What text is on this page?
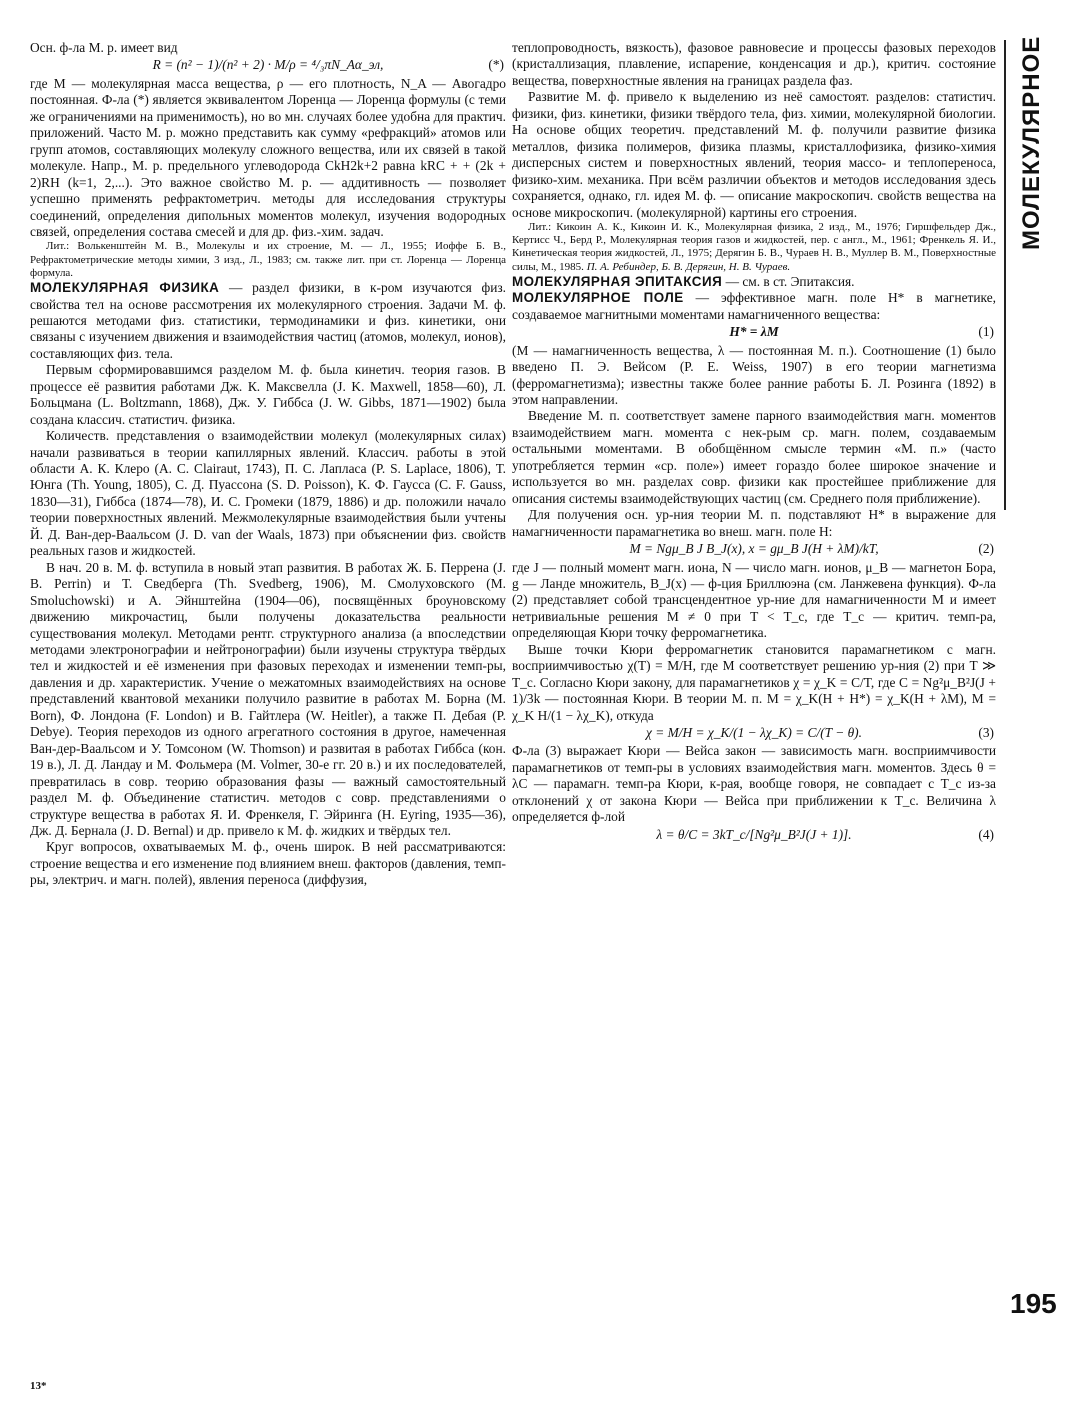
Осн. ф-ла М. р. имеет вид

R = (n² − 1)/(n² + 2) · M/ρ = ⁴/₃πN_Aα_эл,	(*)

где M — молекулярная масса вещества, ρ — его плотность, N_A — Авогадро постоянная. Ф-ла (*) является эквивалентом Лоренца — Лоренца формулы (с теми же ограничениями на применимость), но во мн. случаях более удобна для практич. приложений. Часто М. р. можно представить как сумму «рефракций» атомов или групп атомов, составляющих молекулу сложного вещества, или их связей в такой молекуле. Напр., М. р. предельного углеводорода CkH2k+2 равна kRC + + (2k + 2)RH (k=1, 2,...). Это важное свойство М. р. — аддитивность — позволяет успешно применять рефрактометрич. методы для исследования структуры соединений, определения дипольных моментов молекул, изучения водородных связей, определения состава смесей и для др. физ.-хим. задач.

Лит.: Волькенштейн М. В., Молекулы и их строение, М. — Л., 1955; Иоффе Б. В., Рефрактометрические методы химии, 3 изд., Л., 1983; см. также лит. при ст. Лоренца — Лоренца формула.

МОЛЕКУЛЯРНАЯ ФИЗИКА — раздел физики, в к-ром изучаются физ. свойства тел на основе рассмотрения их молекулярного строения. Задачи М. ф. решаются методами физ. статистики, термодинамики и физ. кинетики, они связаны с изучением движения и взаимодействия частиц (атомов, молекул, ионов), составляющих физ. тела.

Первым сформировавшимся разделом М. ф. была кинетич. теория газов. В процессе её развития работами Дж. К. Максвелла (J. K. Maxwell, 1858—60), Л. Больцмана (L. Boltzmann, 1868), Дж. У. Гиббса (J. W. Gibbs, 1871—1902) была создана классич. статистич. физика.

Количеств. представления о взаимодействии молекул (молекулярных силах) начали развиваться в теории капиллярных явлений. Классич. работы в этой области А. К. Клеро (A. C. Clairaut, 1743), П. С. Лапласа (P. S. Laplace, 1806), Т. Юнга (Th. Young, 1805), С. Д. Пуассона (S. D. Poisson), К. Ф. Гаусса (C. F. Gauss, 1830—31), Гиббса (1874—78), И. С. Громеки (1879, 1886) и др. положили начало теории поверхностных явлений. Межмолекулярные взаимодействия были учтены Й. Д. Ван-дер-Ваальсом (J. D. van der Waals, 1873) при объяснении физ. свойств реальных газов и жидкостей.

В нач. 20 в. М. ф. вступила в новый этап развития. В работах Ж. Б. Перрена (J. B. Perrin) и Т. Сведберга (Th. Svedberg, 1906), М. Смолуховского (M. Smoluchowski) и А. Эйнштейна (1904—06), посвящённых броуновскому движению микрочастиц, были получены доказательства реальности существования молекул. Методами рентг. структурного анализа (а впоследствии методами электронографии и нейтронографии) были изучены структура твёрдых тел и жидкостей и её изменения при фазовых переходах и изменении темп-ры, давления и др. характеристик. Учение о межатомных взаимодействиях на основе представлений квантовой механики получило развитие в работах М. Борна (M. Born), Ф. Лондона (F. London) и В. Гайтлера (W. Heitler), а также П. Дебая (P. Debye). Теория переходов из одного агрегатного состояния в другое, намеченная Ван-дер-Ваальсом и У. Томсоном (W. Thomson) и развитая в работах Гиббса (кон. 19 в.), Л. Д. Ландау и М. Фольмера (M. Volmer, 30-е гг. 20 в.) и их последователей, превратилась в совр. теорию образования фазы — важный самостоятельный раздел М. ф. Объединение статистич. методов с совр. представлениями о структуре вещества в работах Я. И. Френкеля, Г. Эйринга (H. Eyring, 1935—36), Дж. Д. Бернала (J. D. Bernal) и др. привело к М. ф. жидких и твёрдых тел.

Круг вопросов, охватываемых М. ф., очень широк. В ней рассматриваются: строение вещества и его изменение под влиянием внеш. факторов (давления, темп-ры, электрич. и магн. полей), явления переноса (диффузия,

теплопроводность, вязкость), фазовое равновесие и процессы фазовых переходов (кристаллизация, плавление, испарение, конденсация и др.), критич. состояние вещества, поверхностные явления на границах раздела фаз.

Развитие М. ф. привело к выделению из неё самостоят. разделов: статистич. физики, физ. кинетики, физики твёрдого тела, физ. химии, молекулярной биологии. На основе общих теоретич. представлений М. ф. получили развитие физика металлов, физика полимеров, физика плазмы, кристаллофизика, физико-химия дисперсных систем и поверхностных явлений, теория массо- и теплопереноса, физико-хим. механика. При всём различии объектов и методов исследования здесь сохраняется, однако, гл. идея М. ф. — описание макроскопич. свойств вещества на основе микроскопич. (молекулярной) картины его строения.

Лит.: Кикоин А. К., Кикоин И. К., Молекулярная физика, 2 изд., М., 1976; Гиршфельдер Дж., Кертисс Ч., Берд Р., Молекулярная теория газов и жидкостей, пер. с англ., М., 1961; Френкель Я. И., Кинетическая теория жидкостей, Л., 1975; Дерягин Б. В., Чураев Н. В., Муллер В. М., Поверхностные силы, М., 1985. П. А. Ребиндер, Б. В. Дерягин, Н. В. Чураев.

МОЛЕКУЛЯРНАЯ ЭПИТАКСИЯ — см. в ст. Эпитаксия.

МОЛЕКУЛЯРНОЕ ПОЛЕ — эффективное магн. поле H* в магнетике, создаваемое магнитными моментами намагниченного вещества:

H* = λM	(1)

(M — намагниченность вещества, λ — постоянная М. п.). Соотношение (1) было введено П. Э. Вейсом (P. E. Weiss, 1907) в его теории магнетизма (ферромагнетизма); известны также более ранние работы Б. Л. Розинга (1892) в этом направлении.

Введение М. п. соответствует замене парного взаимодействия магн. моментов взаимодействием магн. момента с нек-рым ср. магн. полем, создаваемым остальными моментами. В обобщённом смысле термин «М. п.» (часто употребляется термин «ср. поле») имеет гораздо более широкое значение и используется во мн. разделах совр. физики как простейшее приближение для описания системы взаимодействующих частиц (см. Среднего поля приближение).

Для получения осн. ур-ния теории М. п. подставляют H* в выражение для намагниченности парамагнетика во внеш. магн. поле H:

M = Ngμ_B J B_J(x), x = gμ_B J(H + λM)/kT,	(2)

где J — полный момент магн. иона, N — число магн. ионов, μ_B — магнетон Бора, g — Ланде множитель, B_J(x) — ф-ция Бриллюэна (см. Ланжевена функция). Ф-ла (2) представляет собой трансцендентное ур-ние для намагниченности M и имеет нетривиальные решения M ≠ 0 при T < T_c, где T_c — критич. темп-ра, определяющая Кюри точку ферромагнетика.

Выше точки Кюри ферромагнетик становится парамагнетиком с магн. восприимчивостью χ(T) = M/H, где M соответствует решению ур-ния (2) при T ≫ T_c. Согласно Кюри закону, для парамагнетиков χ = χ_K = C/T, где C = Ng²μ_B²J(J + 1)/3k — постоянная Кюри. В теории М. п. M = χ_K(H + H*) = χ_K(H + λM), M = χ_K H/(1 − λχ_K), откуда

χ = M/H = χ_K/(1 − λχ_K) = C/(T − θ).	(3)

Ф-ла (3) выражает Кюри — Вейса закон — зависимость магн. восприимчивости парамагнетиков от темп-ры в условиях взаимодействия магн. моментов. Здесь θ = λC — парамагн. темп-ра Кюри, к-рая, вообще говоря, не совпадает с T_c из-за отклонений χ от закона Кюри — Вейса при приближении к T_c. Величина λ определяется ф-лой

λ = θ/C = 3kT_c/[Ng²μ_B²J(J + 1)].	(4)
МОЛЕКУЛЯРНОЕ
195
13*
